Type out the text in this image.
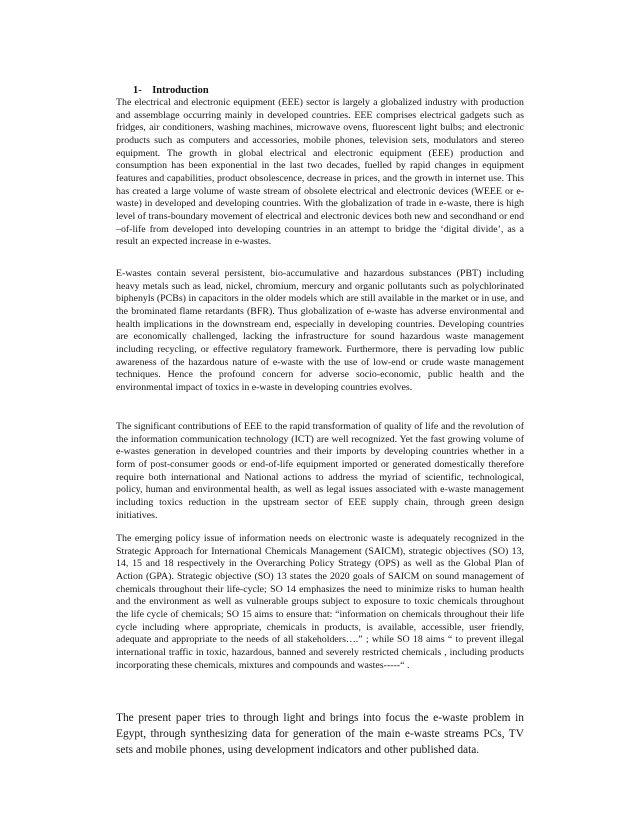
1- Introduction

The electrical and electronic equipment (EEE) sector is largely a globalized industry with production and assemblage occurring mainly in developed countries. EEE comprises electrical gadgets such as fridges, air conditioners, washing machines, microwave ovens, fluorescent light bulbs; and electronic products such as computers and accessories, mobile phones, television sets, modulators and stereo equipment. The growth in global electrical and electronic equipment (EEE) production and consumption has been exponential in the last two decades, fuelled by rapid changes in equipment features and capabilities, product obsolescence, decrease in prices, and the growth in internet use. This has created a large volume of waste stream of obsolete electrical and electronic devices (WEEE or e-waste) in developed and developing countries. With the globalization of trade in e-waste, there is high level of trans-boundary movement of electrical and electronic devices both new and secondhand or end –of-life from developed into developing countries in an attempt to bridge the ‘digital divide’, as a result an expected increase in e-wastes.

E-wastes contain several persistent, bio-accumulative and hazardous substances (PBT) including heavy metals such as lead, nickel, chromium, mercury and organic pollutants such as polychlorinated biphenyls (PCBs) in capacitors in the older models which are still available in the market or in use, and the brominated flame retardants (BFR). Thus globalization of e-waste has adverse environmental and health implications in the downstream end, especially in developing countries. Developing countries are economically challenged, lacking the infrastructure for sound hazardous waste management including recycling, or effective regulatory framework. Furthermore, there is pervading low public awareness of the hazardous nature of e-waste with the use of low-end or crude waste management techniques. Hence the profound concern for adverse socio-economic, public health and the environmental impact of toxics in e-waste in developing countries evolves.

The significant contributions of EEE to the rapid transformation of quality of life and the revolution of the information communication technology (ICT) are well recognized. Yet the fast growing volume of e-wastes generation in developed countries and their imports by developing countries whether in a form of post-consumer goods or end-of-life equipment imported or generated domestically therefore require both international and National actions to address the myriad of scientific, technological, policy, human and environmental health, as well as legal issues associated with e-waste management including toxics reduction in the upstream sector of EEE supply chain, through green design initiatives.

The emerging policy issue of information needs on electronic waste is adequately recognized in the Strategic Approach for International Chemicals Management (SAICM), strategic objectives (SO) 13, 14, 15 and 18 respectively in the Overarching Policy Strategy (OPS) as well as the Global Plan of Action (GPA). Strategic objective (SO) 13 states the 2020 goals of SAICM on sound management of chemicals throughout their life-cycle; SO 14 emphasizes the need to minimize risks to human health and the environment as well as vulnerable groups subject to exposure to toxic chemicals throughout the life cycle of chemicals; SO 15 aims to ensure that: “information on chemicals throughout their life cycle including where appropriate, chemicals in products, is available, accessible, user friendly, adequate and appropriate to the needs of all stakeholders….” ; while SO 18 aims “ to prevent illegal international traffic in toxic, hazardous, banned and severely restricted chemicals , including products incorporating these chemicals, mixtures and compounds and wastes-----“ .

The present paper tries to through light and brings into focus the e-waste problem in Egypt, through synthesizing data for generation of the main e-waste streams PCs, TV sets and mobile phones, using development indicators and other published data.
